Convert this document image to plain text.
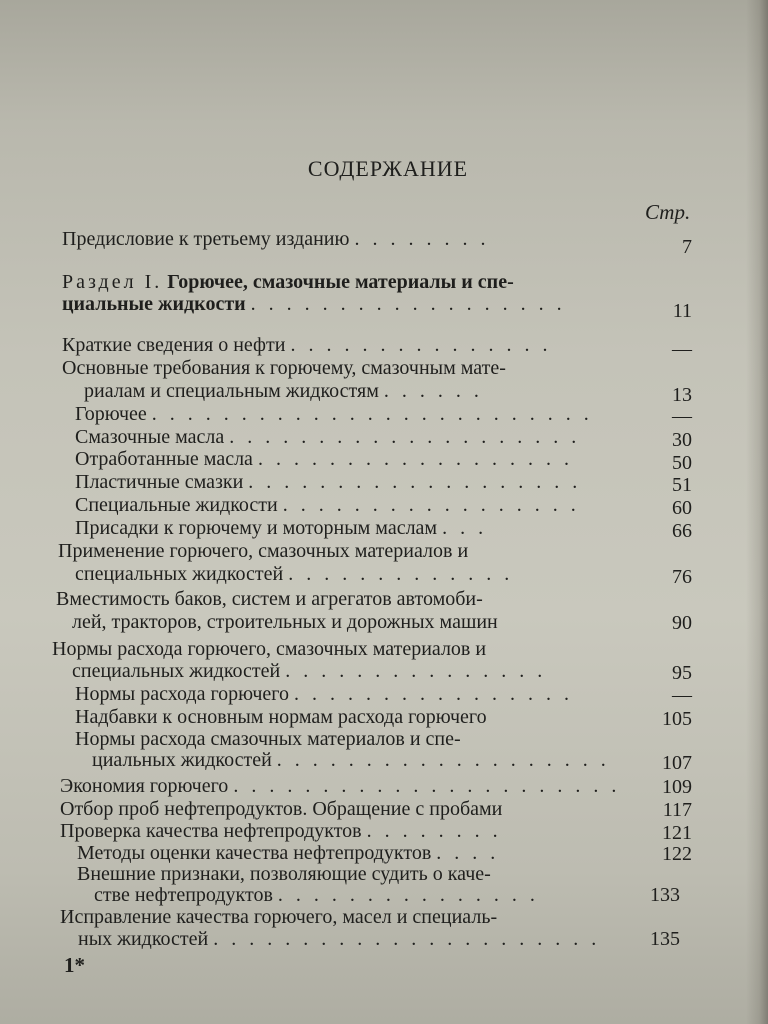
СОДЕРЖАНИЕ
Стр.
Предисловие к третьему изданию . . . . . . . .	7
Раздел I. Горючее, смазочные материалы и спе-
циальные жидкости . . . . . . . . . . . . . . . . . .	11
Краткие сведения о нефти . . . . . . . . . . . . . . .	—
Основные требования к горючему, смазочным мате-
риалам и специальным жидкостям . . . . . .	13
Горючее . . . . . . . . . . . . . . . . . . . . . . . . .	—
Смазочные масла . . . . . . . . . . . . . . . . . . . .	30
Отработанные масла . . . . . . . . . . . . . . . . . .	50
Пластичные смазки . . . . . . . . . . . . . . . . . . .	51
Специальные жидкости . . . . . . . . . . . . . . . . .	60
Присадки к горючему и моторным маслам . . .	66
Применение горючего, смазочных материалов и
специальных жидкостей . . . . . . . . . . . . .	76
Вместимость баков, систем и агрегатов автомоби-
лей, тракторов, строительных и дорожных машин	90
Нормы расхода горючего, смазочных материалов и
специальных жидкостей . . . . . . . . . . . . . . .	95
Нормы расхода горючего . . . . . . . . . . . . . . . .	—
Надбавки к основным нормам расхода горючего	105
Нормы расхода смазочных материалов и спе-
циальных жидкостей . . . . . . . . . . . . . . . . . . .	107
Экономия горючего . . . . . . . . . . . . . . . . . . . . . .	109
Отбор проб нефтепродуктов. Обращение с пробами	117
Проверка качества нефтепродуктов . . . . . . . .	121
Методы оценки качества нефтепродуктов . . . .	122
Внешние признаки, позволяющие судить о каче-
стве нефтепродуктов . . . . . . . . . . . . . . .	133
Исправление качества горючего, масел и специаль-
ных жидкостей . . . . . . . . . . . . . . . . . . . . . .	135
1*
